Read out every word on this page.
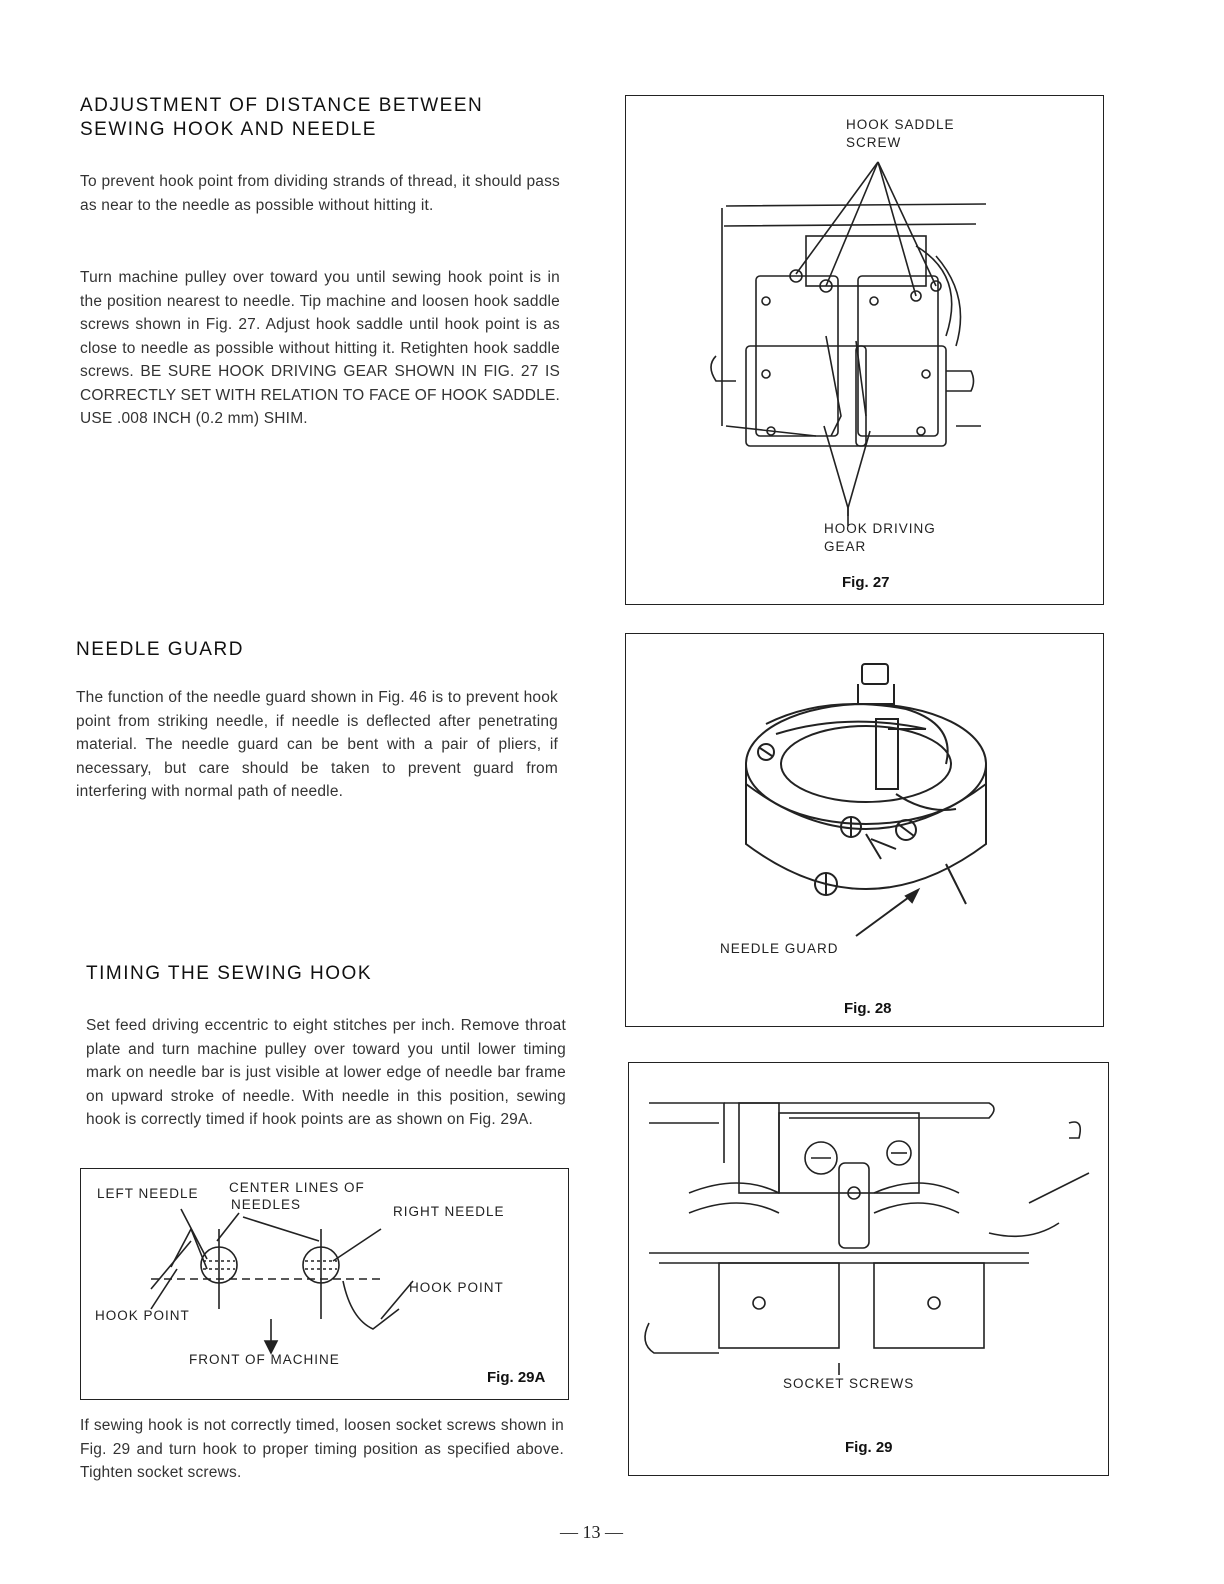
ADJUSTMENT OF DISTANCE BETWEEN
SEWING HOOK AND NEEDLE

To prevent hook point from dividing strands of thread, it should pass as near to the needle as possible without hitting it.

Turn machine pulley over toward you until sewing hook point is in the position nearest to needle. Tip machine and loosen hook saddle screws shown in Fig. 27. Adjust hook saddle until hook point is as close to needle as possible without hitting it. Retighten hook saddle screws. BE SURE HOOK DRIVING GEAR SHOWN IN FIG. 27 IS CORRECTLY SET WITH RELATION TO FACE OF HOOK SADDLE. USE .008 INCH (0.2 mm) SHIM.

NEEDLE GUARD

The function of the needle guard shown in Fig. 46 is to prevent hook point from striking needle, if needle is deflected after penetrating material. The needle guard can be bent with a pair of pliers, if necessary, but care should be taken to prevent guard from interfering with normal path of needle.

TIMING THE SEWING HOOK

Set feed driving eccentric to eight stitches per inch. Remove throat plate and turn machine pulley over toward you until lower timing mark on needle bar is just visible at lower edge of needle bar frame on upward stroke of needle. With needle in this position, sewing hook is correctly timed if hook points are as shown on Fig. 29A.

If sewing hook is not correctly timed, loosen socket screws shown in Fig. 29 and turn hook to proper timing position as specified above. Tighten socket screws.

HOOK SADDLE
SCREW
HOOK DRIVING
GEAR
Fig. 27
NEEDLE GUARD
Fig. 28
SOCKET SCREWS
Fig. 29
LEFT NEEDLE CENTER LINES OF
NEEDLES	RIGHT NEEDLE
HOOK POINT
HOOK POINT
FRONT OF MACHINE
Fig. 29A
— 13 —
